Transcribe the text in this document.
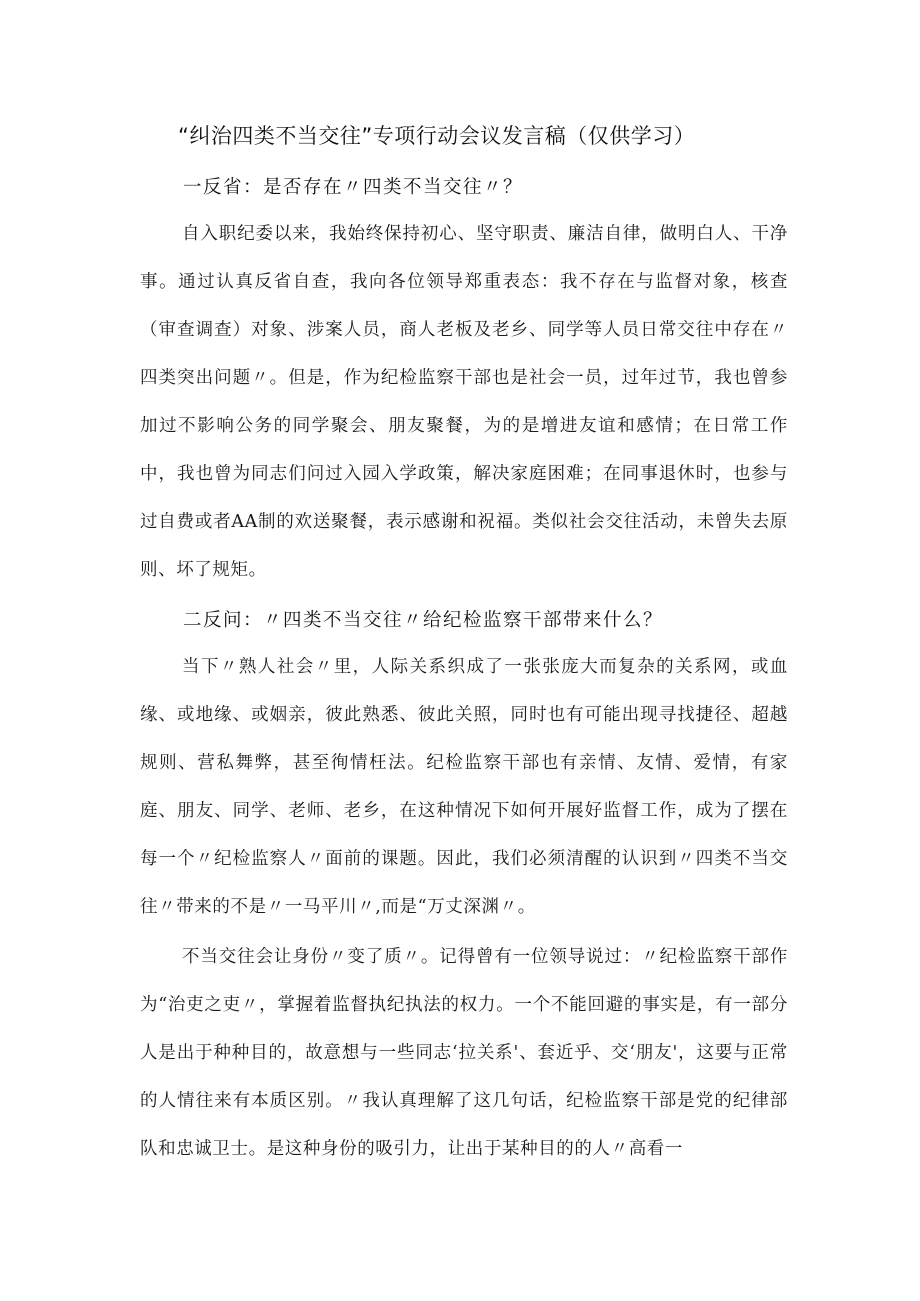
“纠治四类不当交往”专项行动会议发言稿（仅供学习）
一反省：是否存在〃四类不当交往〃？

自入职纪委以来，我始终保持初心、坚守职责、廉洁自律，做明白人、干净事。通过认真反省自查，我向各位领导郑重表态：我不存在与监督对象，核查（审查调查）对象、涉案人员，商人老板及老乡、同学等人员日常交往中存在〃四类突出问题〃。但是，作为纪检监察干部也是社会一员，过年过节，我也曾参加过不影响公务的同学聚会、朋友聚餐，为的是增进友谊和感情；在日常工作中，我也曾为同志们问过入园入学政策，解决家庭困难；在同事退休时，也参与过自费或者AA制的欢送聚餐，表示感谢和祝福。类似社会交往活动，未曾失去原则、坏了规矩。

二反问：〃四类不当交往〃给纪检监察干部带来什么？

当下〃熟人社会〃里，人际关系织成了一张张庞大而复杂的关系网，或血缘、或地缘、或姻亲，彼此熟悉、彼此关照，同时也有可能出现寻找捷径、超越规则、营私舞弊，甚至徇情枉法。纪检监察干部也有亲情、友情、爱情，有家庭、朋友、同学、老师、老乡，在这种情况下如何开展好监督工作，成为了摆在每一个〃纪检监察人〃面前的课题。因此，我们必须清醒的认识到〃四类不当交往〃带来的不是〃一马平川〃,而是“万丈深渊〃。

不当交往会让身份〃变了质〃。记得曾有一位领导说过：〃纪检监察干部作为“治吏之吏〃，掌握着监督执纪执法的权力。一个不能回避的事实是，有一部分人是出于种种目的，故意想与一些同志‘拉关系'、套近乎、交‘朋友'，这要与正常的人情往来有本质区别。〃我认真理解了这几句话，纪检监察干部是党的纪律部队和忠诚卫士。是这种身份的吸引力，让出于某种目的的人〃高看一
